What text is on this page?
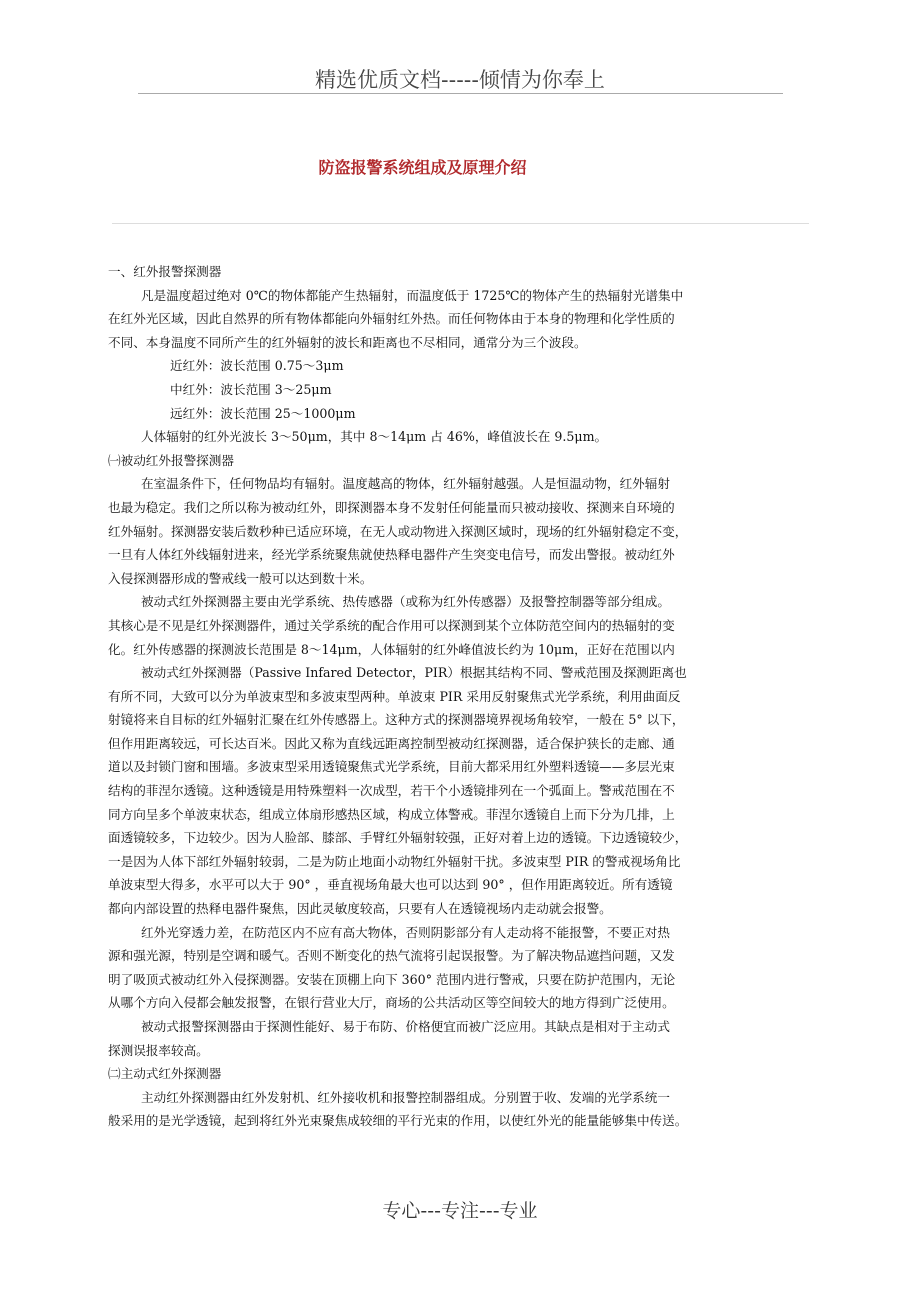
精选优质文档-----倾情为你奉上
防盗报警系统组成及原理介绍
一、红外报警探测器
凡是温度超过绝对 0℃的物体都能产生热辐射，而温度低于 1725℃的物体产生的热辐射光谱集中
在红外光区域，因此自然界的所有物体都能向外辐射红外热。而任何物体由于本身的物理和化学性质的
不同、本身温度不同所产生的红外辐射的波长和距离也不尽相同，通常分为三个波段。
近红外：波长范围 0.75～3μm
中红外：波长范围 3～25μm
远红外：波长范围 25～1000μm
人体辐射的红外光波长 3～50μm，其中 8～14μm 占 46%，峰值波长在 9.5μm。
㈠被动红外报警探测器
在室温条件下，任何物品均有辐射。温度越高的物体，红外辐射越强。人是恒温动物，红外辐射
也最为稳定。我们之所以称为被动红外，即探测器本身不发射任何能量而只被动接收、探测来自环境的
红外辐射。探测器安装后数秒种已适应环境，在无人或动物进入探测区域时，现场的红外辐射稳定不变，
一旦有人体红外线辐射进来，经光学系统聚焦就使热释电器件产生突变电信号，而发出警报。被动红外
入侵探测器形成的警戒线一般可以达到数十米。
被动式红外探测器主要由光学系统、热传感器（或称为红外传感器）及报警控制器等部分组成。
其核心是不见是红外探测器件，通过关学系统的配合作用可以探测到某个立体防范空间内的热辐射的变
化。红外传感器的探测波长范围是 8～14μm，人体辐射的红外峰值波长约为 10μm，正好在范围以内
被动式红外探测器（Passive Infared Detector，PIR）根据其结构不同、警戒范围及探测距离也
有所不同，大致可以分为单波束型和多波束型两种。单波束 PIR 采用反射聚焦式光学系统，利用曲面反
射镜将来自目标的红外辐射汇聚在红外传感器上。这种方式的探测器境界视场角较窄，一般在 5° 以下，
但作用距离较远，可长达百米。因此又称为直线远距离控制型被动红探测器，适合保护狭长的走廊、通
道以及封锁门窗和围墙。多波束型采用透镜聚焦式光学系统，目前大都采用红外塑料透镜——多层光束
结构的菲涅尔透镜。这种透镜是用特殊塑料一次成型，若干个小透镜排列在一个弧面上。警戒范围在不
同方向呈多个单波束状态，组成立体扇形感热区域，构成立体警戒。菲涅尔透镜自上而下分为几排，上
面透镜较多，下边较少。因为人脸部、膝部、手臂红外辐射较强，正好对着上边的透镜。下边透镜较少，
一是因为人体下部红外辐射较弱，二是为防止地面小动物红外辐射干扰。多波束型 PIR 的警戒视场角比
单波束型大得多，水平可以大于 90° ，垂直视场角最大也可以达到 90° ，但作用距离较近。所有透镜
都向内部设置的热释电器件聚焦，因此灵敏度较高，只要有人在透镜视场内走动就会报警。
红外光穿透力差，在防范区内不应有高大物体，否则阴影部分有人走动将不能报警，不要正对热
源和强光源，特别是空调和暖气。否则不断变化的热气流将引起误报警。为了解决物品遮挡问题，又发
明了吸顶式被动红外入侵探测器。安装在顶棚上向下 360° 范围内进行警戒，只要在防护范围内，无论
从哪个方向入侵都会触发报警，在银行营业大厅，商场的公共活动区等空间较大的地方得到广泛使用。
被动式报警探测器由于探测性能好、易于布防、价格便宜而被广泛应用。其缺点是相对于主动式
探测误报率较高。
㈡主动式红外探测器
主动红外探测器由红外发射机、红外接收机和报警控制器组成。分别置于收、发端的光学系统一
般采用的是光学透镜，起到将红外光束聚焦成较细的平行光束的作用，以使红外光的能量能够集中传送。
专心---专注---专业
